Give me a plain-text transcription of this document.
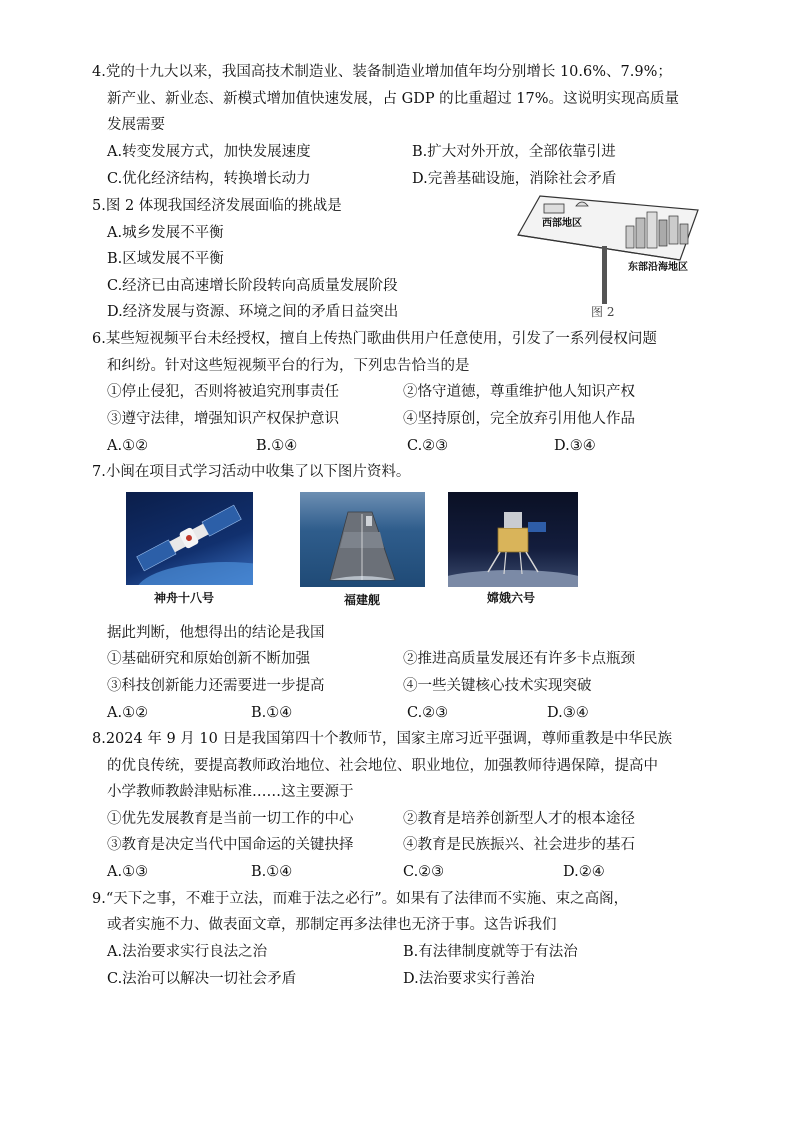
4.党的十九大以来，我国高技术制造业、装备制造业增加值年均分别增长 10.6%、7.9%；
新产业、新业态、新模式增加值快速发展，占 GDP 的比重超过 17%。这说明实现高质量
发展需要
A.转变发展方式，加快发展速度	B.扩大对外开放，全部依靠引进
C.优化经济结构，转换增长动力	D.完善基础设施，消除社会矛盾
5.图 2 体现我国经济发展面临的挑战是
A.城乡发展不平衡
B.区域发展不平衡
C.经济已由高速增长阶段转向高质量发展阶段
D.经济发展与资源、环境之间的矛盾日益突出
西部地区
东部沿海地区
图 2
6.某些短视频平台未经授权，擅自上传热门歌曲供用户任意使用，引发了一系列侵权问题
和纠纷。针对这些短视频平台的行为，下列忠告恰当的是
①停止侵犯，否则将被追究刑事责任	②恪守道德，尊重维护他人知识产权
③遵守法律，增强知识产权保护意识	④坚持原创，完全放弃引用他人作品
A.①②	B.①④	C.②③	D.③④
7.小闽在项目式学习活动中收集了以下图片资料。
神舟十八号	福建舰	嫦娥六号
据此判断，他想得出的结论是我国
①基础研究和原始创新不断加强	②推进高质量发展还有许多卡点瓶颈
③科技创新能力还需要进一步提高	④一些关键核心技术实现突破
A.①②	B.①④	C.②③	D.③④
8.2024 年 9 月 10 日是我国第四十个教师节，国家主席习近平强调，尊师重教是中华民族
的优良传统，要提高教师政治地位、社会地位、职业地位，加强教师待遇保障，提高中
小学教师教龄津贴标准……这主要源于
①优先发展教育是当前一切工作的中心	②教育是培养创新型人才的根本途径
③教育是决定当代中国命运的关键抉择	④教育是民族振兴、社会进步的基石
A.①③	B.①④	C.②③	D.②④
9.“天下之事，不难于立法，而难于法之必行”。如果有了法律而不实施、束之高阁，
或者实施不力、做表面文章，那制定再多法律也无济于事。这告诉我们
A.法治要求实行良法之治	B.有法律制度就等于有法治
C.法治可以解决一切社会矛盾	D.法治要求实行善治
